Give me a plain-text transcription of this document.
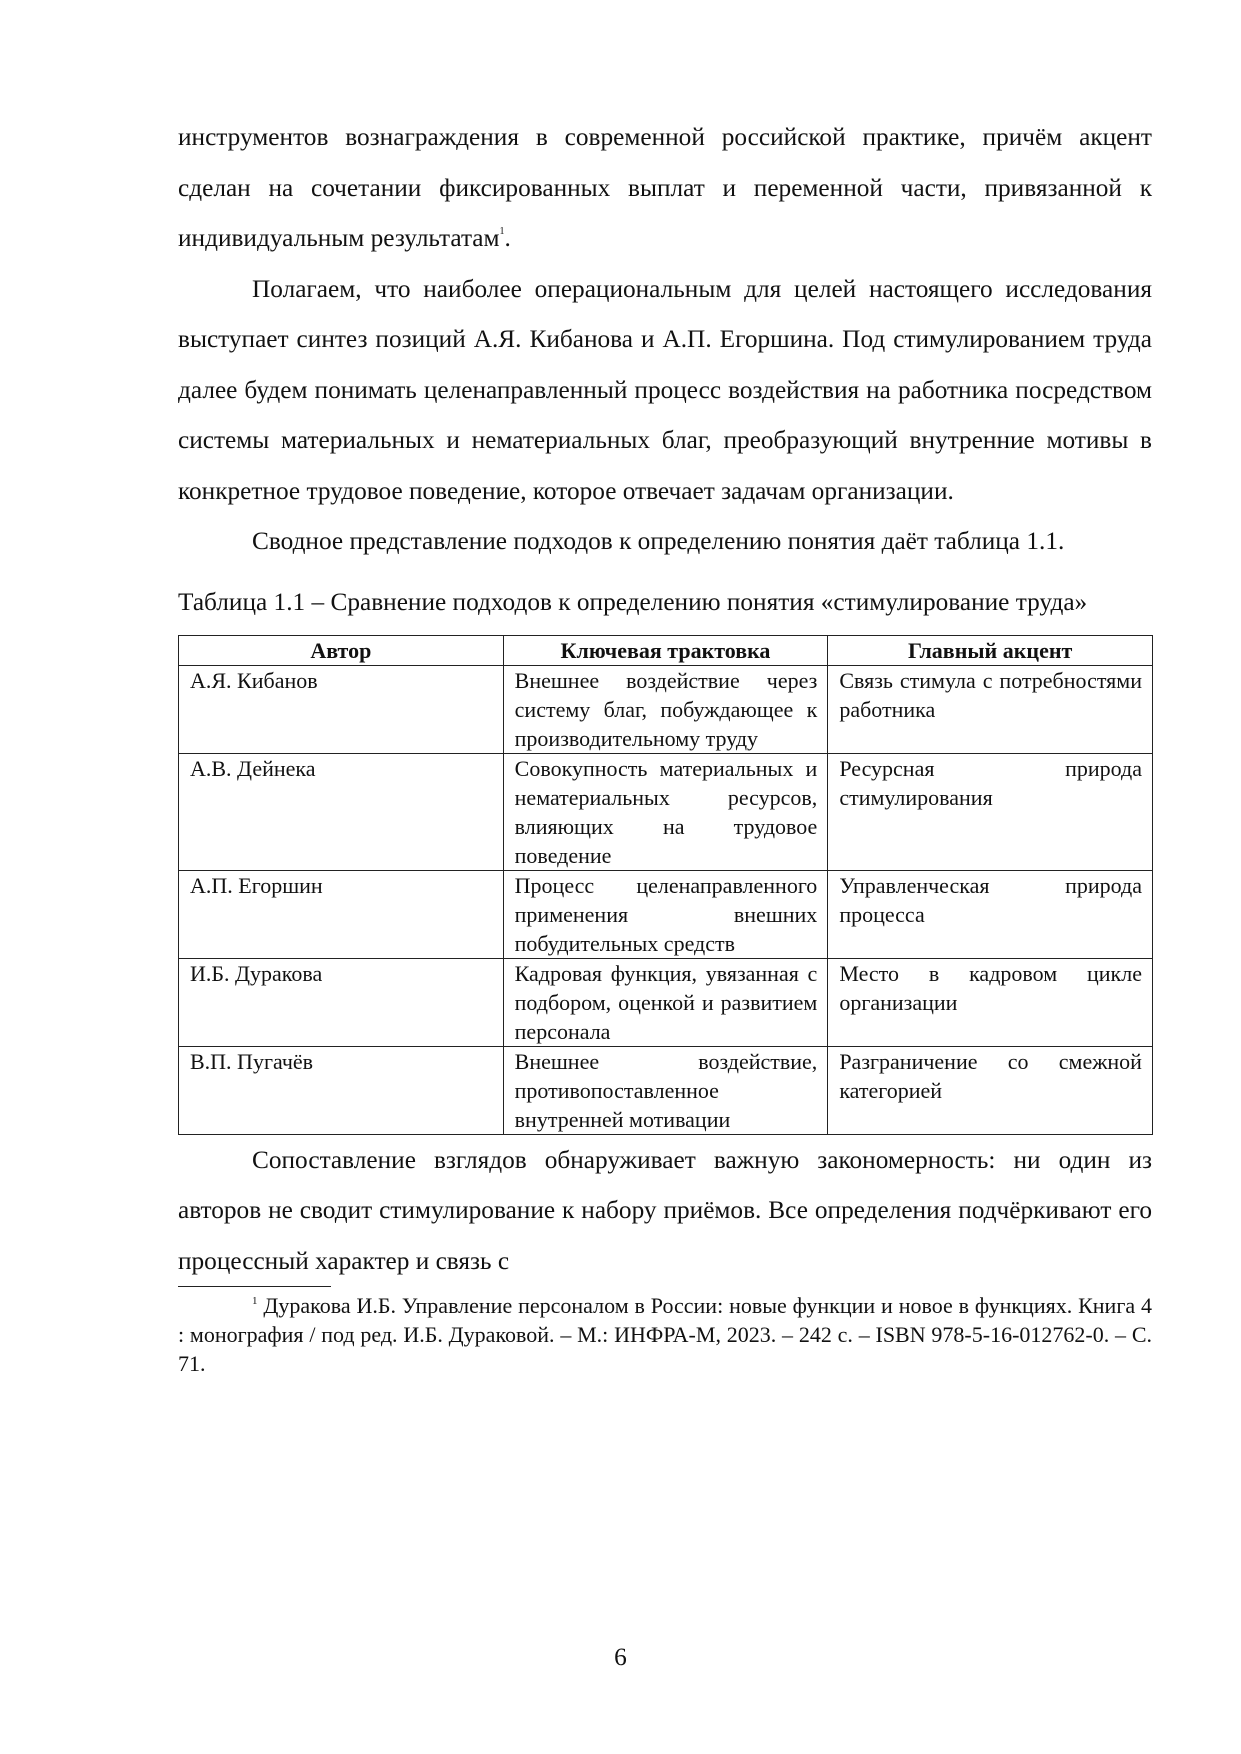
инструментов вознаграждения в современной российской практике, причём акцент сделан на сочетании фиксированных выплат и переменной части, привязанной к индивидуальным результатам$^1$.

Полагаем, что наиболее операциональным для целей настоящего исследования выступает синтез позиций А.Я. Кибанова и А.П. Егоршина. Под стимулированием труда далее будем понимать целенаправленный процесс воздействия на работника посредством системы материальных и нематериальных благ, преобразующий внутренние мотивы в конкретное трудовое поведение, которое отвечает задачам организации.

Сводное представление подходов к определению понятия даёт таблица 1.1.

Таблица 1.1 – Сравнение подходов к определению понятия «стимулирование труда»

Автор	Ключевая трактовка	Главный акцент
А.Я. Кибанов	Внешнее воздействие через систему благ, побуждающее к производительному труду	Связь стимула с потребностями работника
А.В. Дейнека	Совокупность материальных и нематериальных ресурсов, влияющих на трудовое поведение	Ресурсная природа стимулирования
А.П. Егоршин	Процесс целенаправленного применения внешних побудительных средств	Управленческая природа процесса
И.Б. Дуракова	Кадровая функция, увязанная с подбором, оценкой и развитием персонала	Место в кадровом цикле организации
В.П. Пугачёв	Внешнее воздействие, противопоставленное внутренней мотивации	Разграничение со смежной категорией

Сопоставление взглядов обнаруживает важную закономерность: ни один из авторов не сводит стимулирование к набору приёмов. Все определения подчёркивают его процессный характер и связь с

$^1$ Дуракова И.Б. Управление персоналом в России: новые функции и новое в функциях. Книга 4 : монография / под ред. И.Б. Дураковой. – М.: ИНФРА-М, 2023. – 242 с. – ISBN 978-5-16-012762-0. – С. 71.

6
